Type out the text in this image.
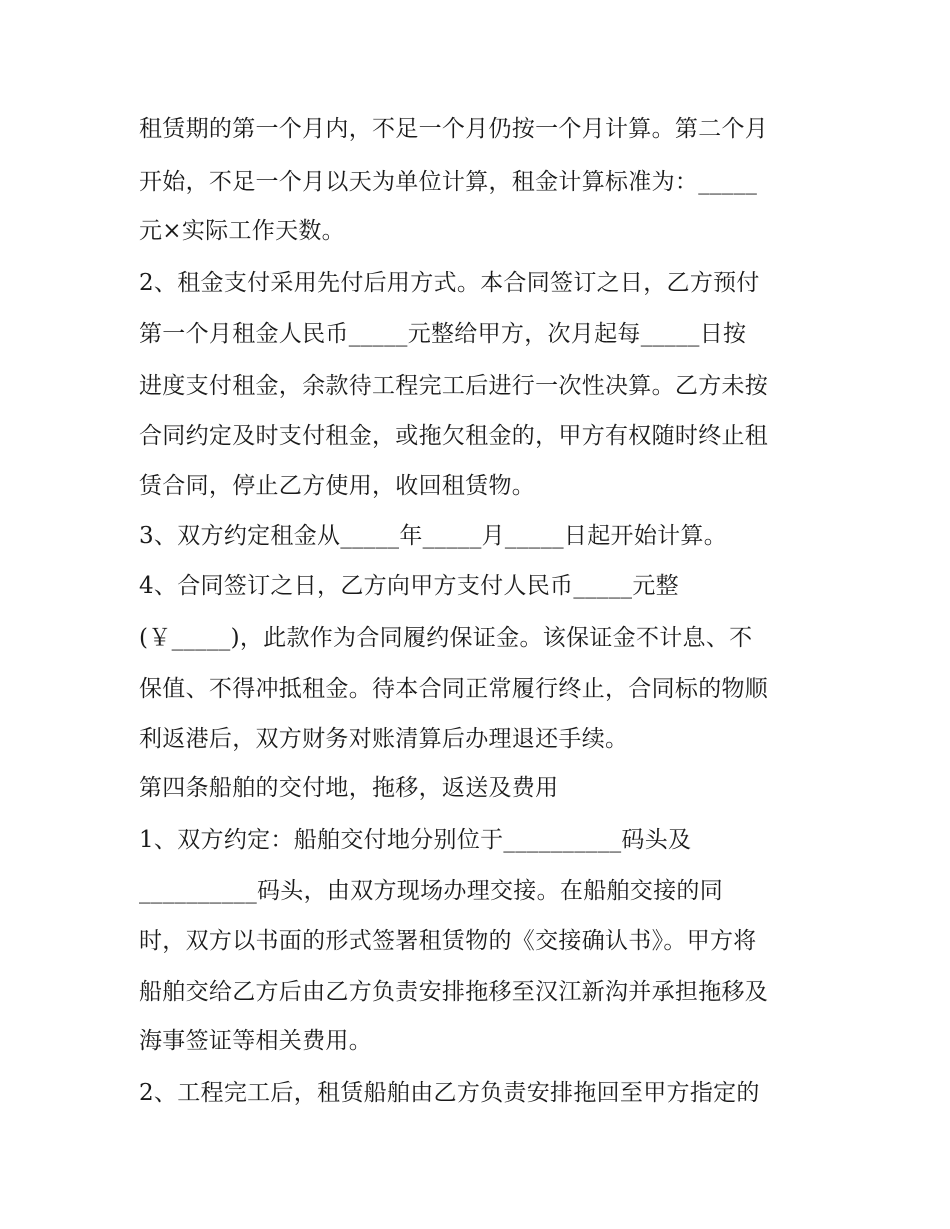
租赁期的第一个月内，不足一个月仍按一个月计算。第二个月
开始，不足一个月以天为单位计算，租金计算标准为：_____
元×实际工作天数。
2、租金支付采用先付后用方式。本合同签订之日，乙方预付
第一个月租金人民币_____元整给甲方，次月起每_____日按
进度支付租金，余款待工程完工后进行一次性决算。乙方未按
合同约定及时支付租金，或拖欠租金的，甲方有权随时终止租
赁合同，停止乙方使用，收回租赁物。
3、双方约定租金从_____年_____月_____日起开始计算。
4、合同签订之日，乙方向甲方支付人民币_____元整
(￥_____)，此款作为合同履约保证金。该保证金不计息、不
保值、不得冲抵租金。待本合同正常履行终止，合同标的物顺
利返港后，双方财务对账清算后办理退还手续。
第四条船舶的交付地，拖移，返送及费用
1、双方约定：船舶交付地分别位于__________码头及
__________码头，由双方现场办理交接。在船舶交接的同
时，双方以书面的形式签署租赁物的《交接确认书》。甲方将
船舶交给乙方后由乙方负责安排拖移至汉江新沟并承担拖移及
海事签证等相关费用。
2、工程完工后，租赁船舶由乙方负责安排拖回至甲方指定的
